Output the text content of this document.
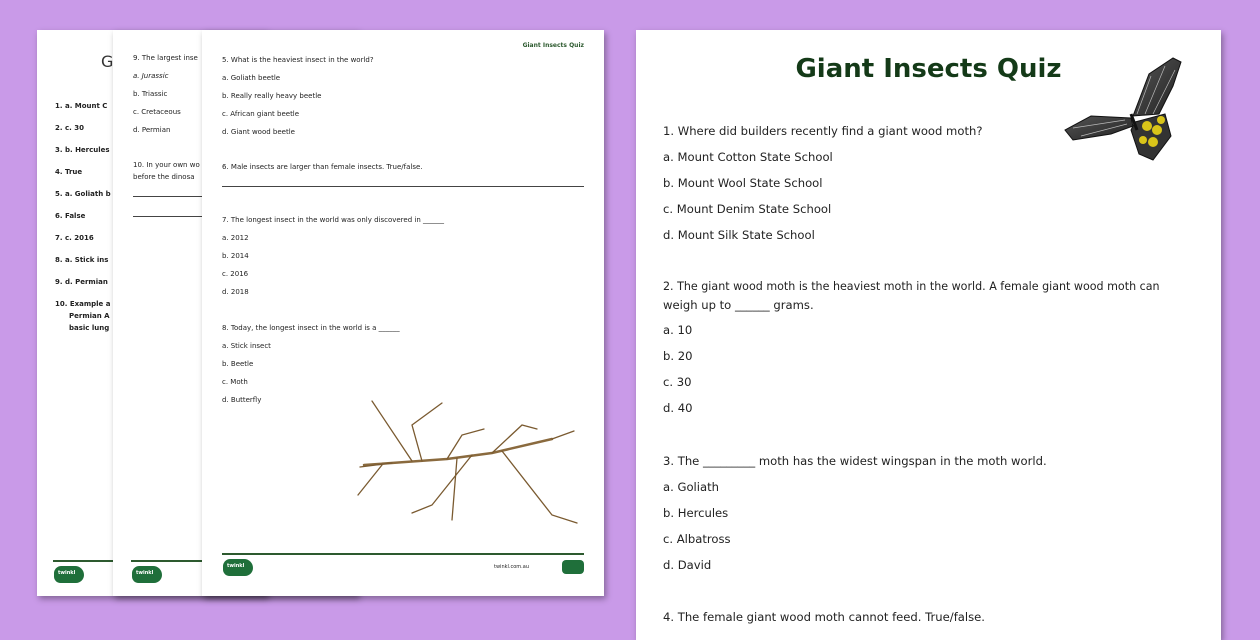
G
1. a. Mount C
2. c. 30
3. b. Hercules
4. True
5. a. Goliath b
6. False
7. c. 2016
8. a. Stick ins
9. d. Permian
10. Example a
Permian A
basic lung
twinkl
9. The largest inse
a. Jurassic
b. Triassic
c. Cretaceous
d. Permian
10. In your own wo
before the dinosa
twinkl
Giant Insects Quiz
5. What is the heaviest insect in the world?
a. Goliath beetle
b. Really really heavy beetle
c. African giant beetle
d. Giant wood beetle
6. Male insects are larger than female insects. True/false.
7. The longest insect in the world was only discovered in ______
a. 2012
b. 2014
c. 2016
d. 2018
8. Today, the longest insect in the world is a ______
a. Stick insect
b. Beetle
c. Moth
d. Butterfly
twinkl	twinkl.com.au
Giant Insects Quiz
1. Where did builders recently find a giant wood moth?
a. Mount Cotton State School
b. Mount Wool State School
c. Mount Denim State School
d. Mount Silk State School
2. The giant wood moth is the heaviest moth in the world. A female giant wood moth can
weigh up to ______ grams.
a. 10
b. 20
c. 30
d. 40
3. The _________ moth has the widest wingspan in the moth world.
a. Goliath
b. Hercules
c. Albatross
d. David
4. The female giant wood moth cannot feed. True/false.
